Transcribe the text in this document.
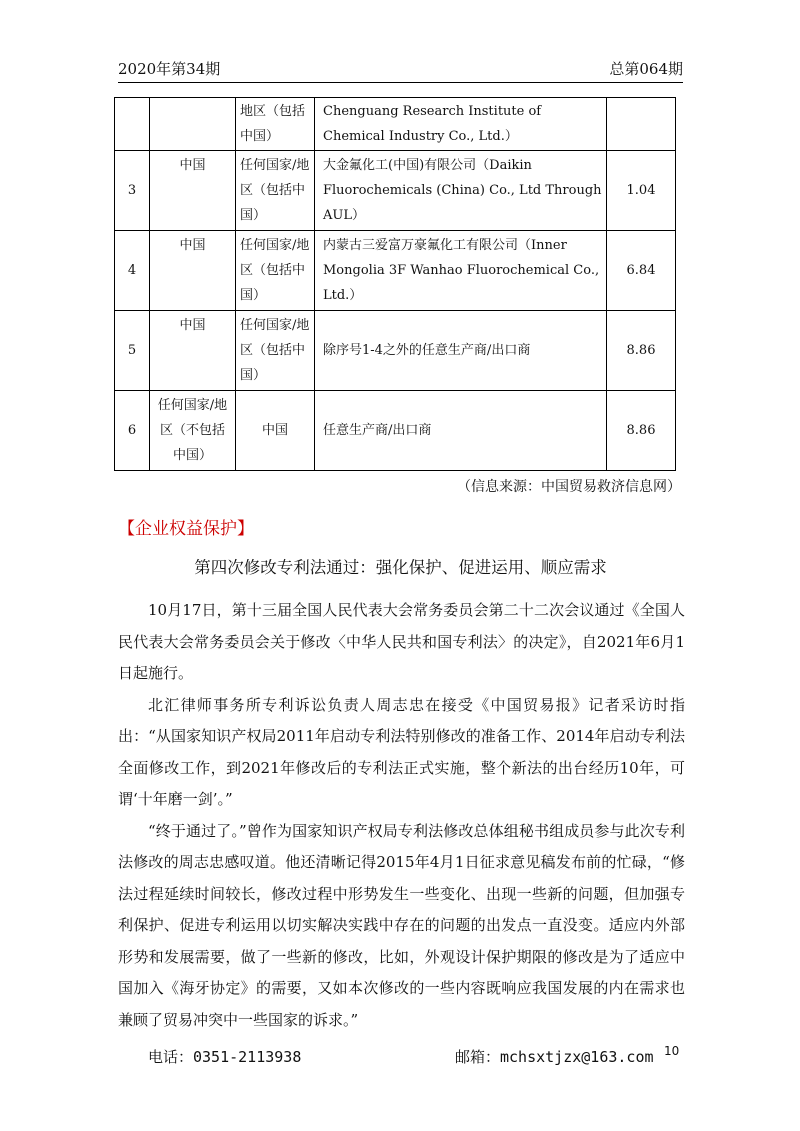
2020年第34期	总第064期
		地区（包括中国）	Chenguang Research Institute of Chemical Industry Co., Ltd.）	
3	中国	任何国家/地区（包括中国）	大金氟化工(中国)有限公司（Daikin Fluorochemicals (China) Co., Ltd Through AUL）	1.04
4	中国	任何国家/地区（包括中国）	内蒙古三爱富万豪氟化工有限公司（Inner Mongolia 3F Wanhao Fluorochemical Co., Ltd.）	6.84
5	中国	任何国家/地区（包括中国）	除序号1-4之外的任意生产商/出口商	8.86
6	任何国家/地区（不包括中国）	中国	任意生产商/出口商	8.86
（信息来源：中国贸易救济信息网）
【企业权益保护】
第四次修改专利法通过：强化保护、促进运用、顺应需求

10月17日，第十三届全国人民代表大会常务委员会第二十二次会议通过《全国人民代表大会常务委员会关于修改〈中华人民共和国专利法〉的决定》，自2021年6月1日起施行。

北汇律师事务所专利诉讼负责人周志忠在接受《中国贸易报》记者采访时指出：“从国家知识产权局2011年启动专利法特别修改的准备工作、2014年启动专利法全面修改工作，到2021年修改后的专利法正式实施，整个新法的出台经历10年，可谓‘十年磨一剑’。”

“终于通过了。”曾作为国家知识产权局专利法修改总体组秘书组成员参与此次专利法修改的周志忠感叹道。他还清晰记得2015年4月1日征求意见稿发布前的忙碌，“修法过程延续时间较长，修改过程中形势发生一些变化、出现一些新的问题，但加强专利保护、促进专利运用以切实解决实践中存在的问题的出发点一直没变。适应内外部形势和发展需要，做了一些新的修改，比如，外观设计保护期限的修改是为了适应中国加入《海牙协定》的需要，又如本次修改的一些内容既响应我国发展的内在需求也兼顾了贸易冲突中一些国家的诉求。”

电话：0351-2113938	邮箱：mchsxtjzx@163.com 10
